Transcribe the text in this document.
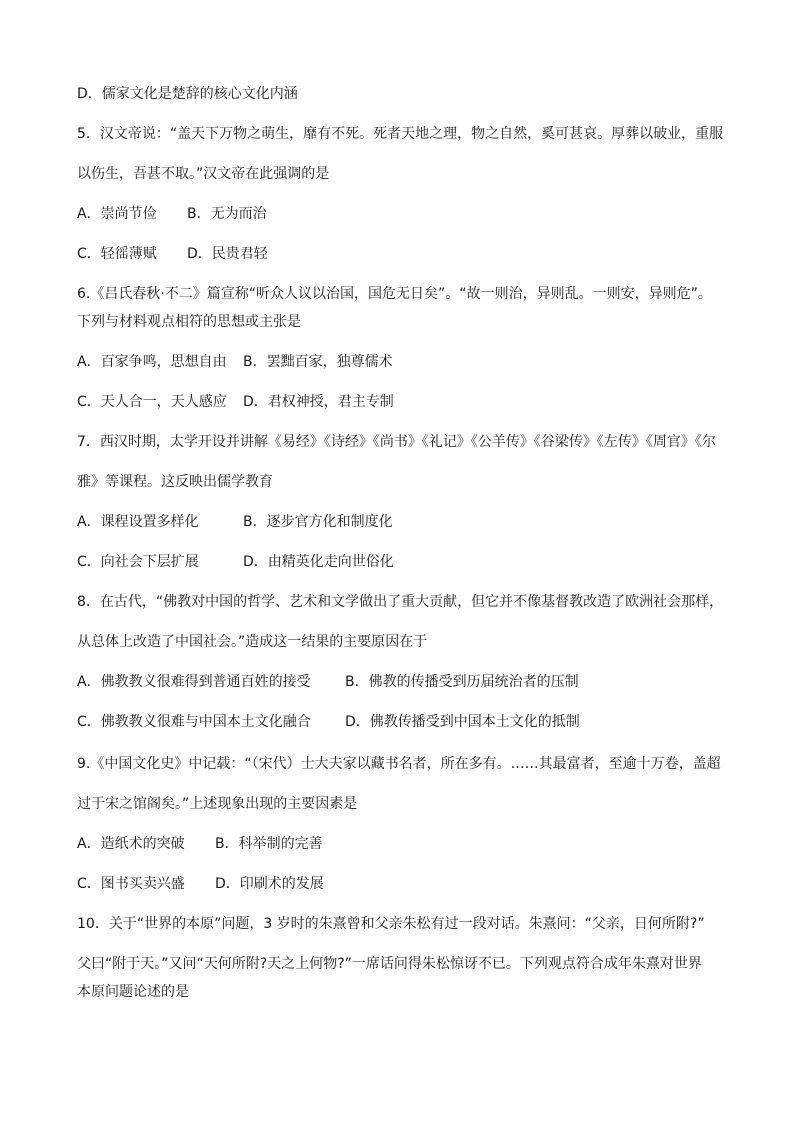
D．儒家文化是楚辞的核心文化内涵
5．汉文帝说：“盖天下万物之萌生，靡有不死。死者天地之理，物之自然，奚可甚哀。厚葬以破业，重服
以伤生，吾甚不取。”汉文帝在此强调的是
A．崇尚节俭 B．无为而治
C．轻徭薄赋 D．民贵君轻
6.《吕氏春秋·不二》篇宣称“听众人议以治国，国危无日矣”。“故一则治，异则乱。一则安，异则危”。
下列与材料观点相符的思想或主张是
A．百家争鸣，思想自由 B．罢黜百家，独尊儒术
C．天人合一，天人感应 D．君权神授，君主专制
7．西汉时期，太学开设并讲解《易经》《诗经》《尚书》《礼记》《公羊传》《谷梁传》《左传》《周官》《尔
雅》等课程。这反映出儒学教育
A．课程设置多样化	B．逐步官方化和制度化
C．向社会下层扩展	D．由精英化走向世俗化
8．在古代，“佛教对中国的哲学、艺术和文学做出了重大贡献，但它并不像基督教改造了欧洲社会那样，
从总体上改造了中国社会。”造成这一结果的主要原因在于
A．佛教教义很难得到普通百姓的接受 B．佛教的传播受到历届统治者的压制
C．佛教教义很难与中国本土文化融合 D．佛教传播受到中国本土文化的抵制
9.《中国文化史》中记载：“（宋代）士大夫家以藏书名者，所在多有。……其最富者，至逾十万卷，盖超
过于宋之馆阁矣。”上述现象出现的主要因素是
A．造纸术的突破 B．科举制的完善
C．图书买卖兴盛 D．印刷术的发展
10．关于“世界的本原”问题，3 岁时的朱熹曾和父亲朱松有过一段对话。朱熹问：“父亲，日何所附?”
父曰“附于天。”又问“天何所附?天之上何物?”一席话问得朱松惊讶不已。下列观点符合成年朱熹对世界
本原问题论述的是
